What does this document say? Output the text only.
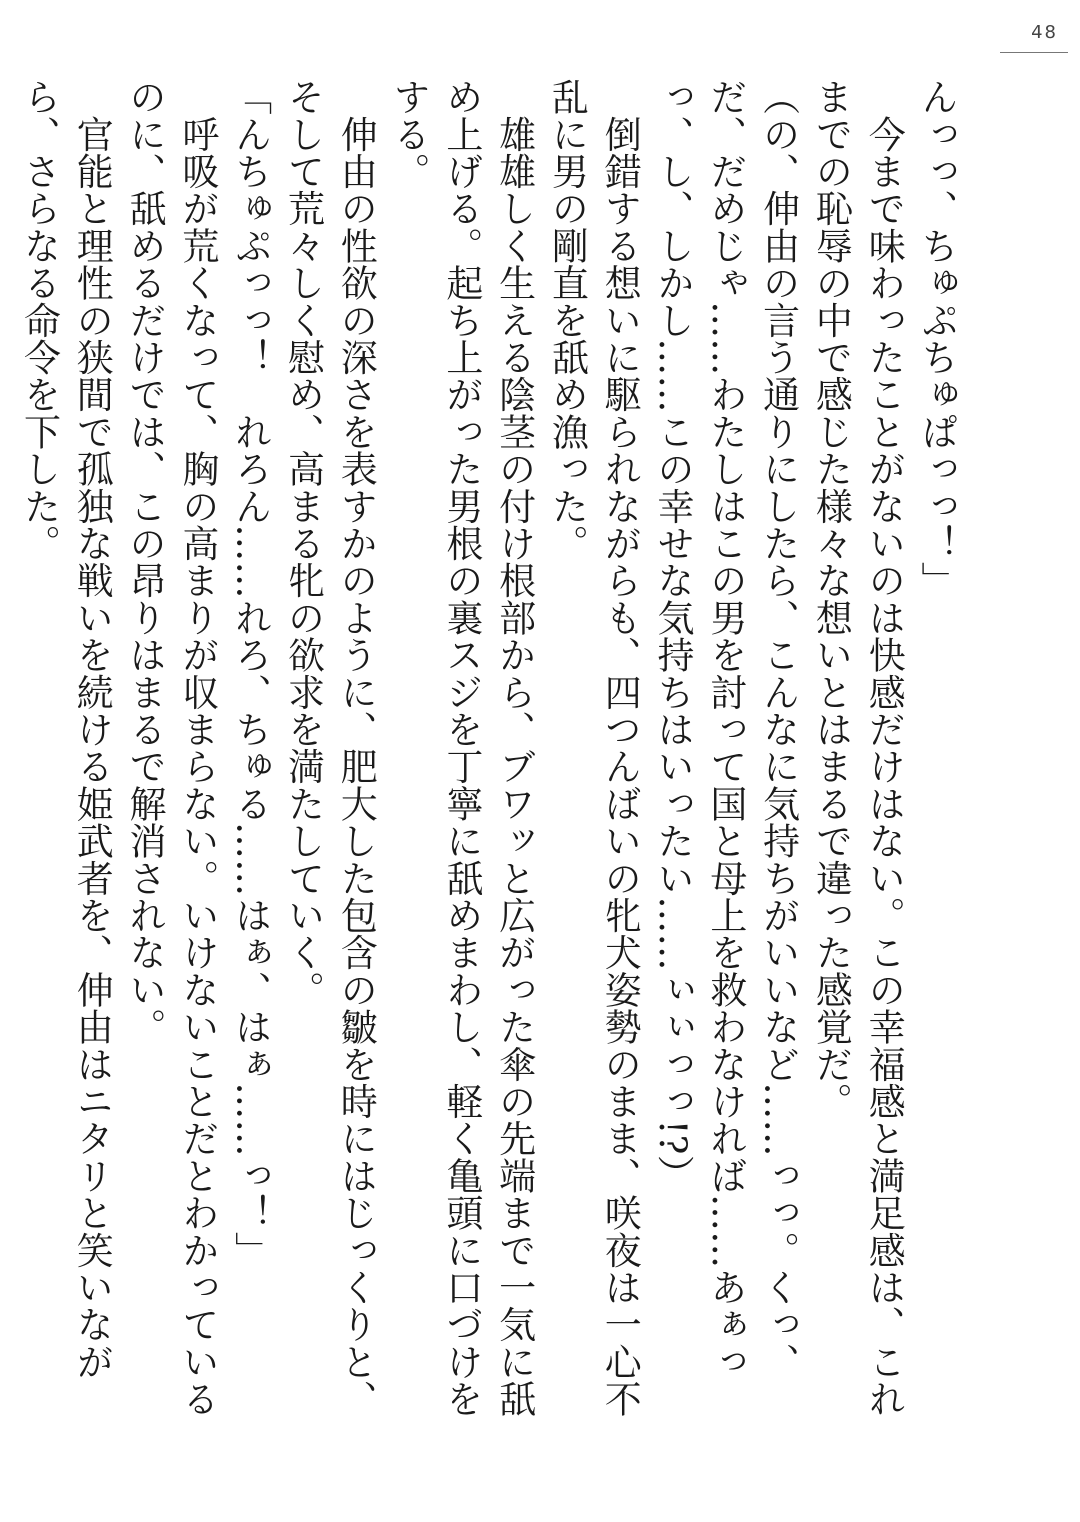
48

んっっ、ちゅぷちゅぱっっ！」

　今まで味わったことがないのは快感だけはない。この幸福感と満足感は、これまでの恥辱の中で感じた様々な想いとはまるで違った感覚だ。

（の、伸由の言う通りにしたら、こんなに気持ちがいいなど……っっ。くっ、だ、だめじゃ……わたしはこの男を討って国と母上を救わなければ……あぁっっ、し、しかし……この幸せな気持ちはいったい……ぃぃっっ!?）

　倒錯する想いに駆られながらも、四つんばいの牝犬姿勢のまま、咲夜は一心不乱に男の剛直を舐め漁った。

　雄雄しく生える陰茎の付け根部から、ブワッと広がった傘の先端まで一気に舐め上げる。起ち上がった男根の裏スジを丁寧に舐めまわし、軽く亀頭に口づけをする。

　伸由の性欲の深さを表すかのように、肥大した包含の皺を時にはじっくりと、そして荒々しく慰め、高まる牝の欲求を満たしていく。

「んちゅぷっっ！　れろん……れろ、ちゅる……はぁ、はぁ……っ！」

　呼吸が荒くなって、胸の高まりが収まらない。いけないことだとわかっているのに、舐めるだけでは、この昂りはまるで解消されない。

　官能と理性の狭間で孤独な戦いを続ける姫武者を、伸由はニタリと笑いながら、さらなる命令を下した。
